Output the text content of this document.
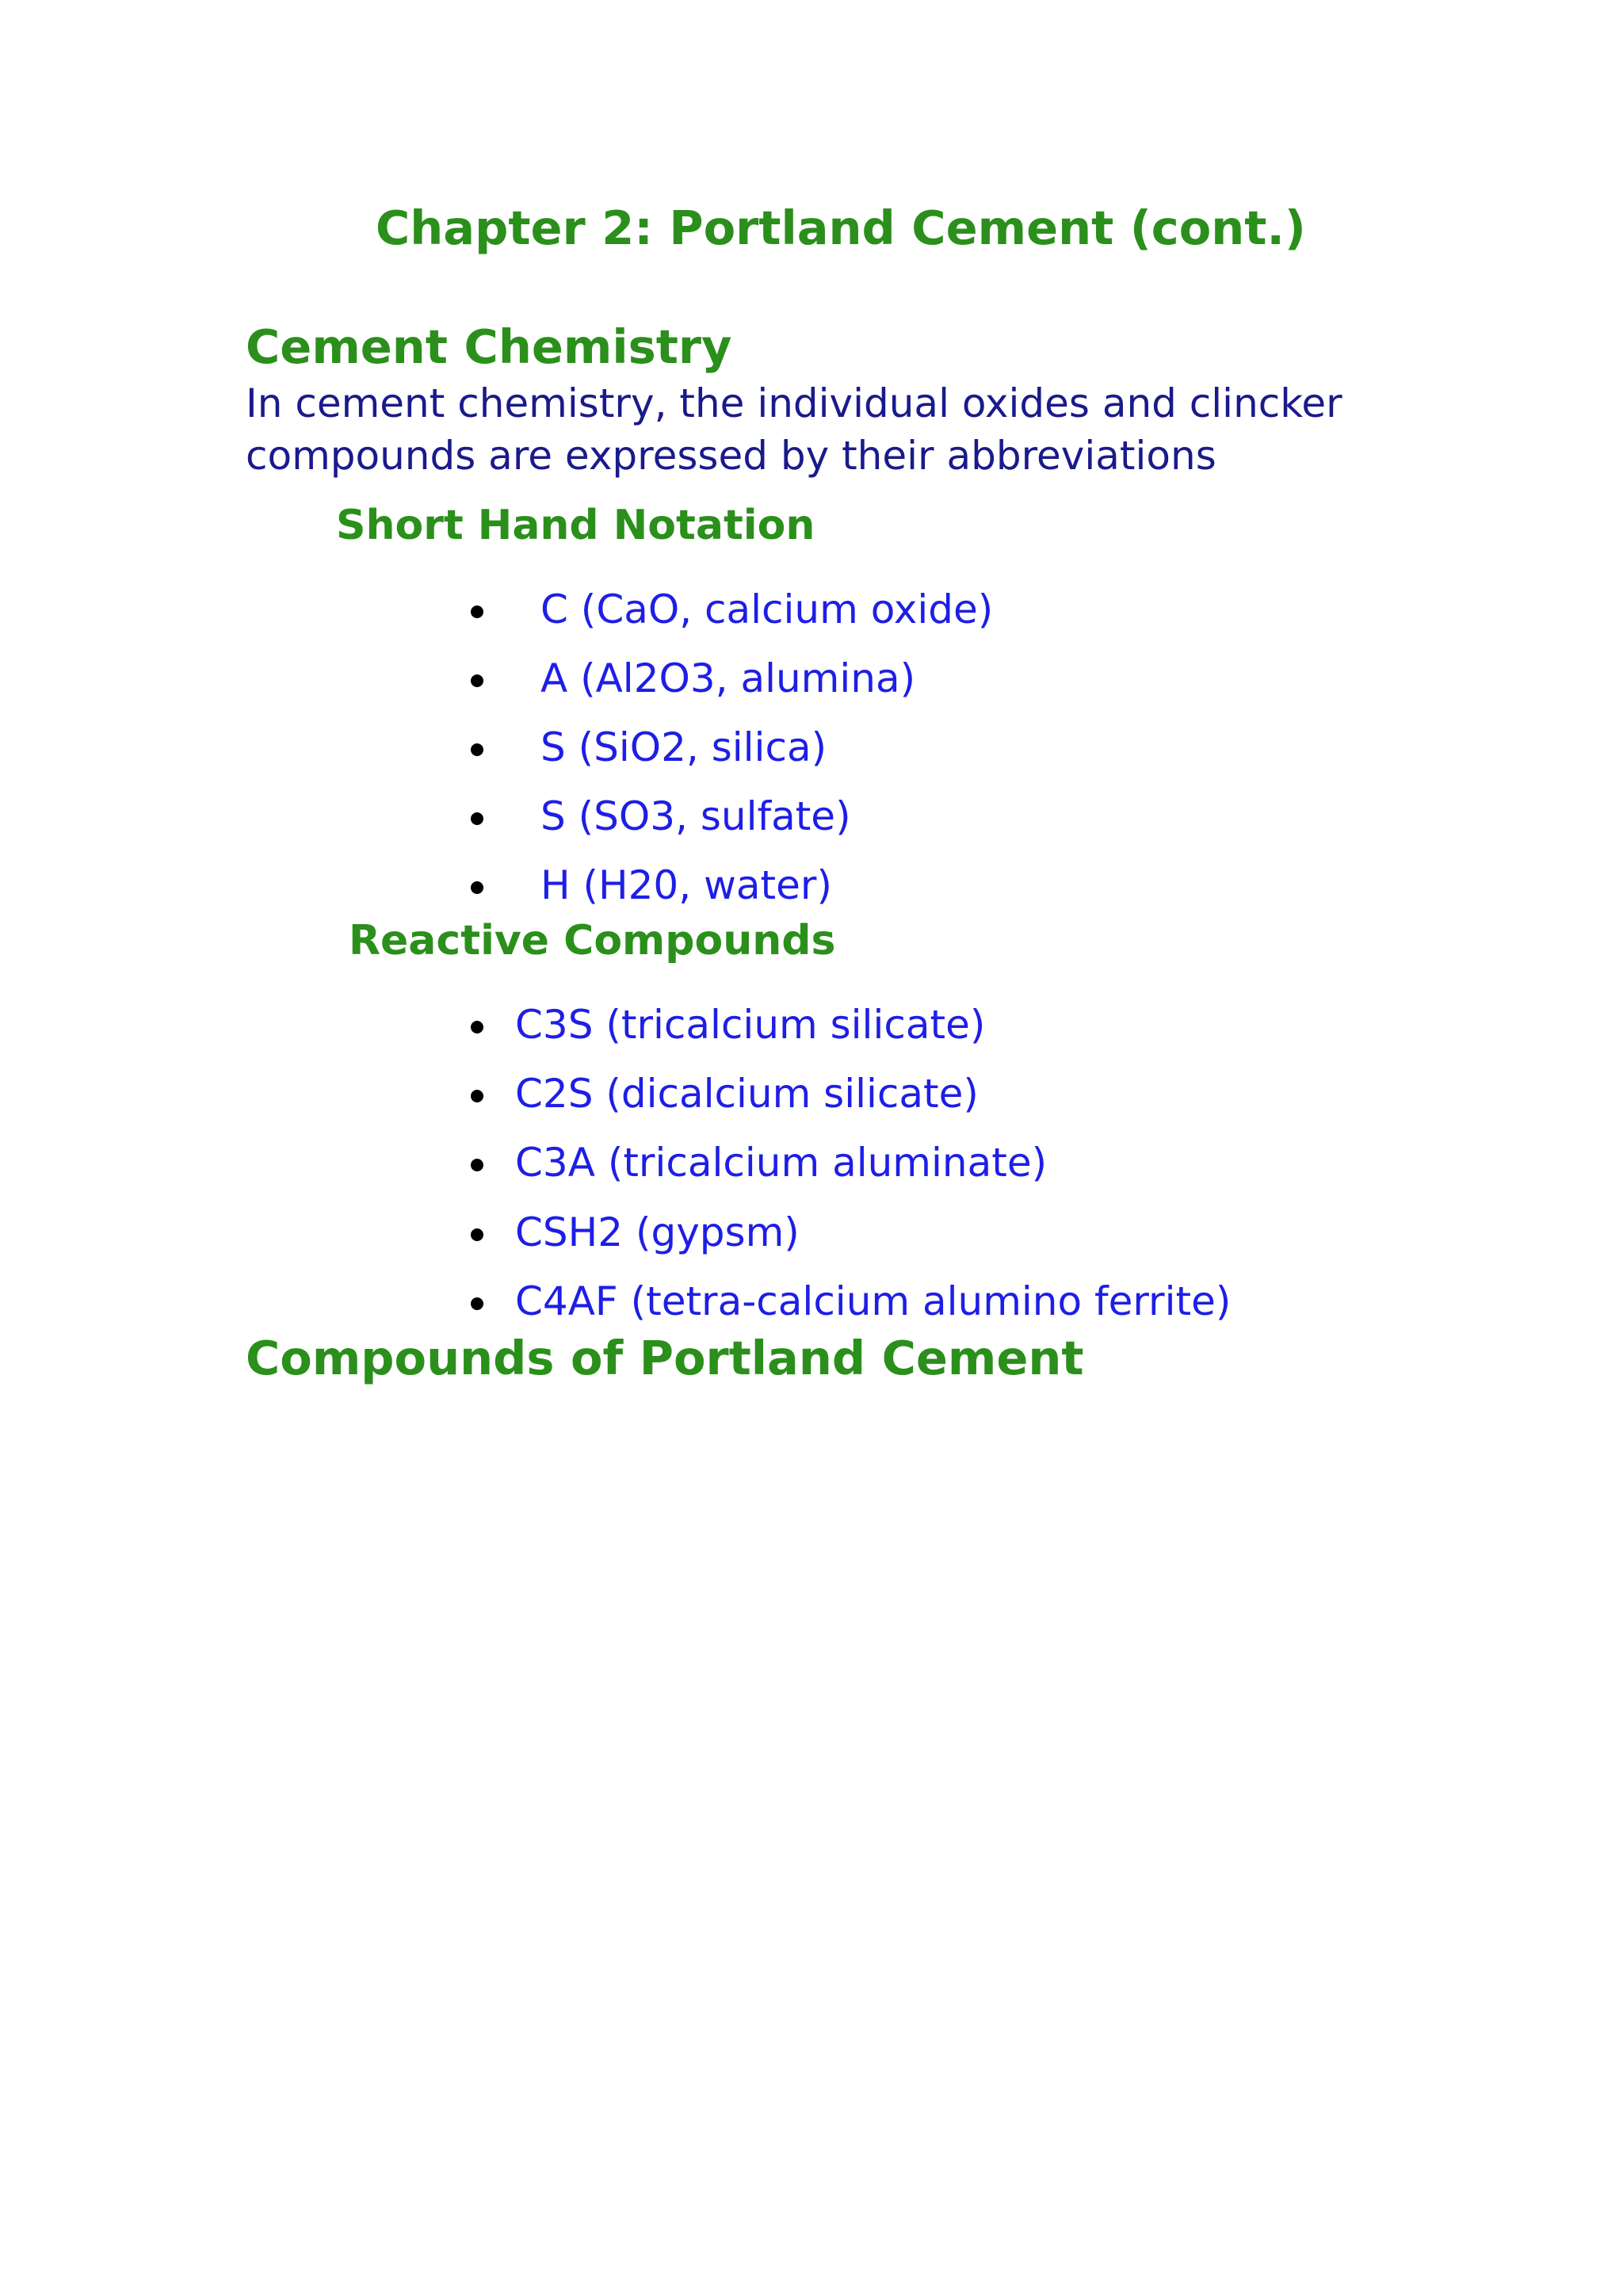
Chapter 2: Portland Cement (cont.)
Cement Chemistry

In cement chemistry, the individual oxides and clincker

compounds are expressed by their abbreviations

Short Hand Notation
C (CaO, calcium oxide)
A (Al2O3, alumina)
S (SiO2, silica)
S (SO3, sulfate)
H (H20, water)
Reactive Compounds
C3S (tricalcium silicate)
C2S (dicalcium silicate)
C3A (tricalcium aluminate)
CSH2 (gypsm)
C4AF (tetra-calcium alumino ferrite)
Compounds of Portland Cement
